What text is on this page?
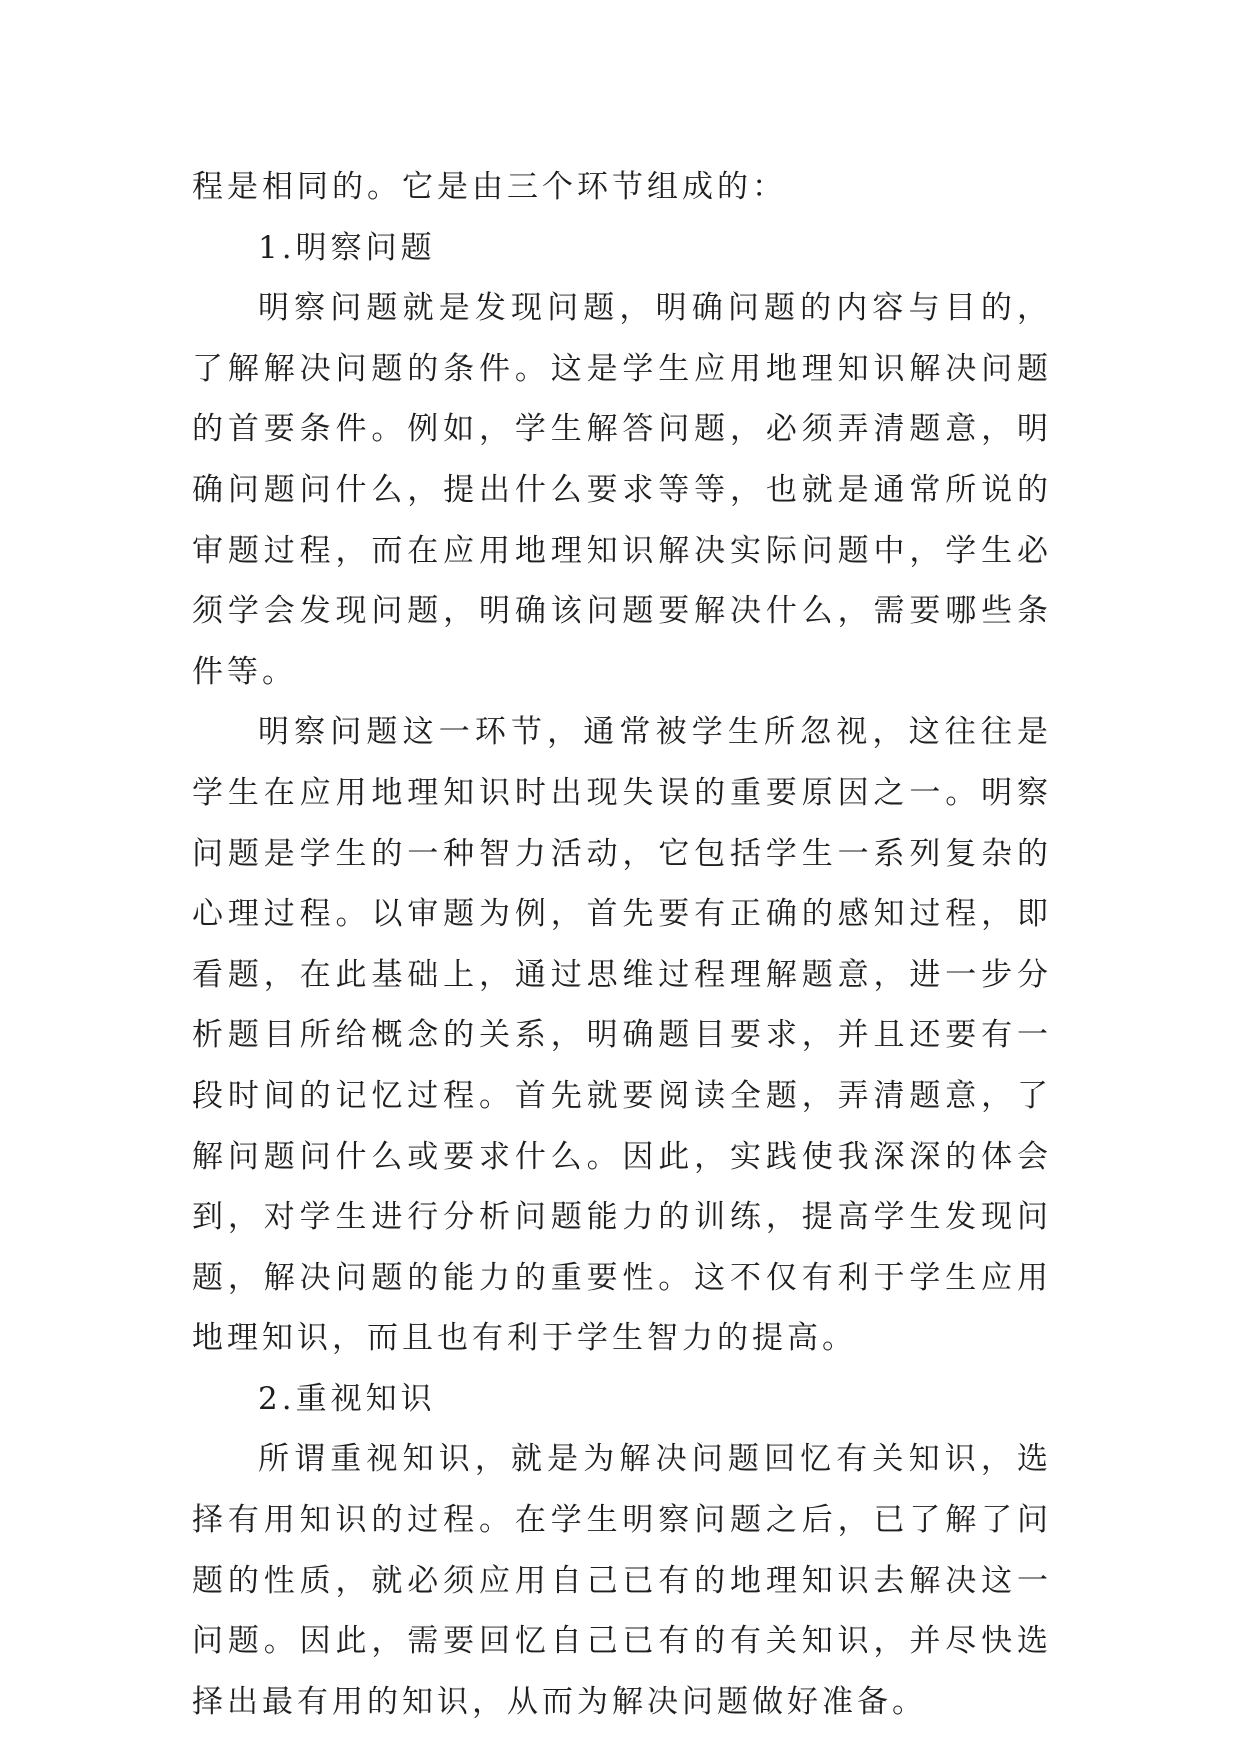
程是相同的。它是由三个环节组成的：

1.明察问题

明察问题就是发现问题，明确问题的内容与目的，了解解决问题的条件。这是学生应用地理知识解决问题的首要条件。例如，学生解答问题，必须弄清题意，明确问题问什么，提出什么要求等等，也就是通常所说的审题过程，而在应用地理知识解决实际问题中，学生必须学会发现问题，明确该问题要解决什么，需要哪些条件等。

明察问题这一环节，通常被学生所忽视，这往往是学生在应用地理知识时出现失误的重要原因之一。明察问题是学生的一种智力活动，它包括学生一系列复杂的心理过程。以审题为例，首先要有正确的感知过程，即看题，在此基础上，通过思维过程理解题意，进一步分析题目所给概念的关系，明确题目要求，并且还要有一段时间的记忆过程。首先就要阅读全题，弄清题意，了解问题问什么或要求什么。因此，实践使我深深的体会到，对学生进行分析问题能力的训练，提高学生发现问题，解决问题的能力的重要性。这不仅有利于学生应用地理知识，而且也有利于学生智力的提高。

2.重视知识

所谓重视知识，就是为解决问题回忆有关知识，选择有用知识的过程。在学生明察问题之后，已了解了问题的性质，就必须应用自己已有的地理知识去解决这一问题。因此，需要回忆自己已有的有关知识，并尽快选择出最有用的知识，从而为解决问题做好准备。
